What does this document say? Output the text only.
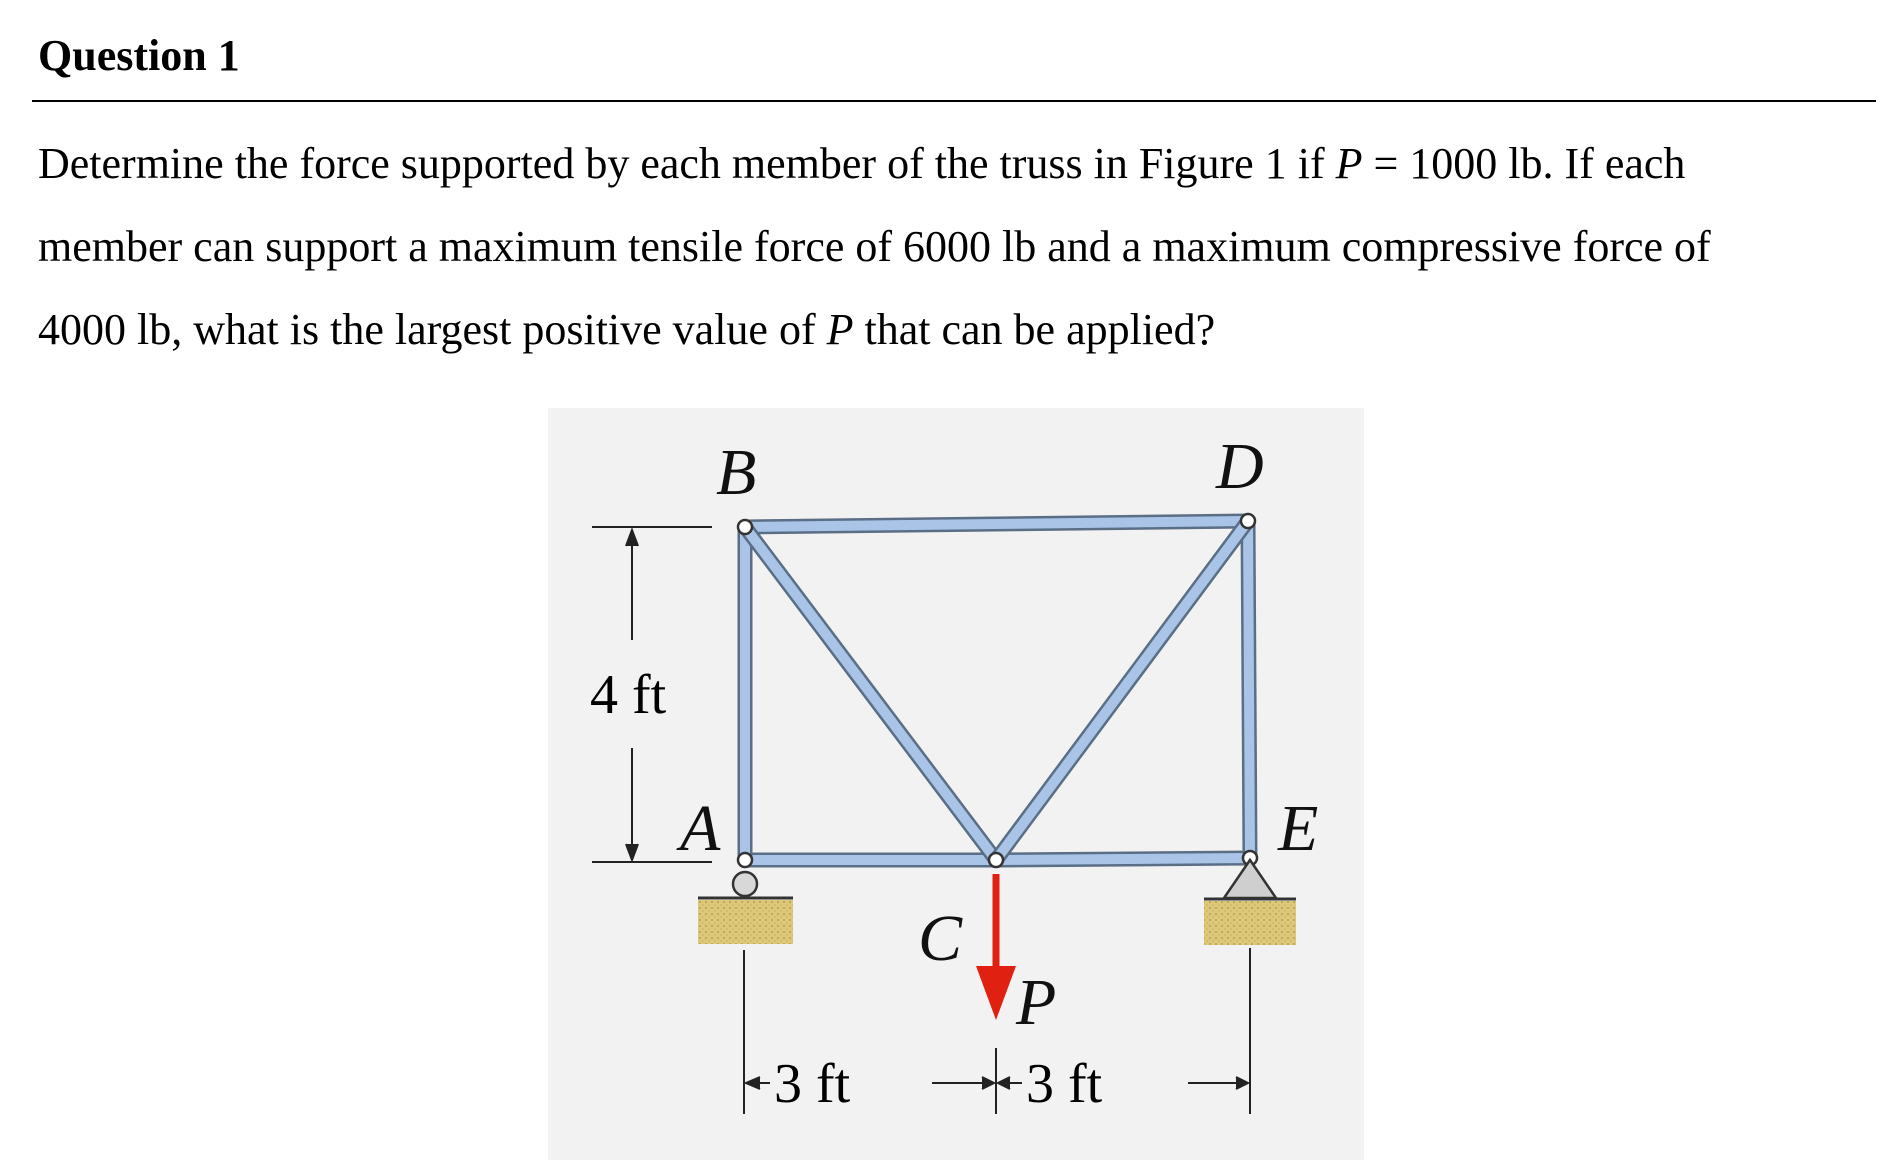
Question 1

Determine the force supported by each member of the truss in Figure 1 if P = 1000 lb. If each

member can support a maximum tensile force of 6000 lb and a maximum compressive force of

4000 lb, what is the largest positive value of P that can be applied?

4 ft
B	D
A	E
C
P
3 ft	3 ft
